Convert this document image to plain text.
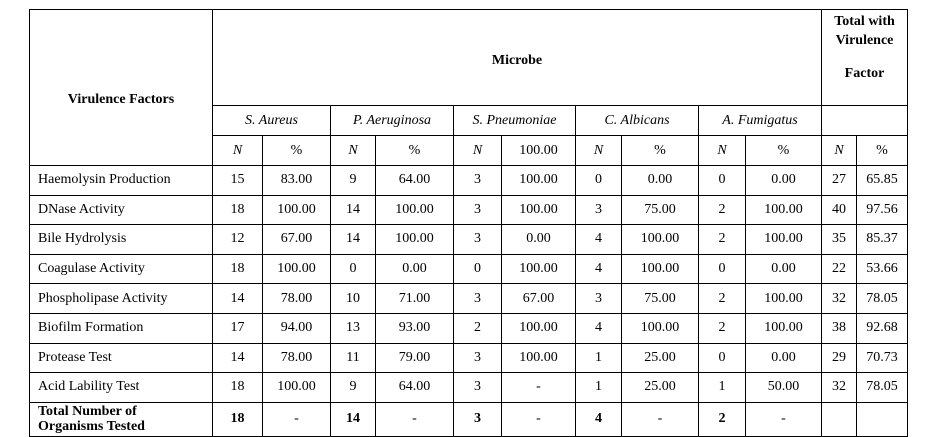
Virulence Factors	Microbe										Total with
Virulence
Factor	

	S. Aureus		P. Aeruginosa		S. Pneumoniae		C. Albicans		A. Fumigatus			
	N	%	N	%	N	100.00	N	%	N	%	N	%
Haemolysin Production	15	83.00	9	64.00	3	100.00	0	0.00	0	0.00	27	65.85
DNase Activity	18	100.00	14	100.00	3	100.00	3	75.00	2	100.00	40	97.56
Bile Hydrolysis	12	67.00	14	100.00	3	0.00	4	100.00	2	100.00	35	85.37
Coagulase Activity	18	100.00	0	0.00	0	100.00	4	100.00	0	0.00	22	53.66
Phospholipase Activity	14	78.00	10	71.00	3	67.00	3	75.00	2	100.00	32	78.05
Biofilm Formation	17	94.00	13	93.00	2	100.00	4	100.00	2	100.00	38	92.68
Protease Test	14	78.00	11	79.00	3	100.00	1	25.00	0	0.00	29	70.73
Acid Lability Test	18	100.00	9	64.00	3	-	1	25.00	1	50.00	32	78.05

Total Number of
Organisms Tested	18	-	14	-	3	-	4	-	2	-		
